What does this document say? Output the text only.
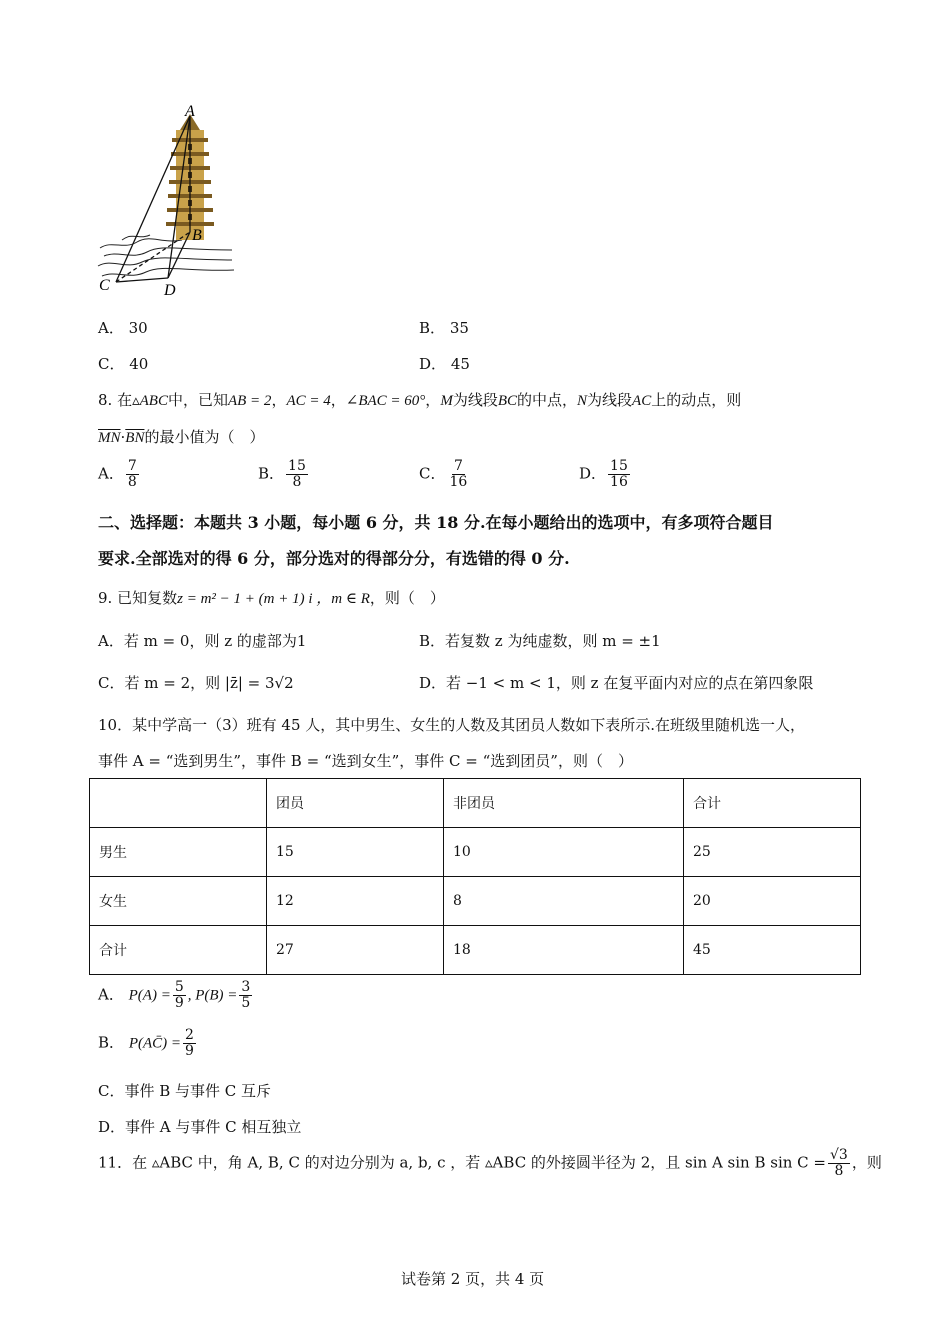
A
B
C	D
A． 30	B． 35
C． 40	D． 45
8. 在▵ABC中，已知AB = 2，AC = 4，∠BAC = 60°，M为线段BC的中点，N为线段AC上的动点，则
$\overline{MN}\cdot\overline{BN}$的最小值为（　）
A． $\frac{7}{8}$	B． $\frac{15}{8}$	C． $\frac{7}{16}$	D． $\frac{15}{16}$
二、选择题：本题共 3 小题，每小题 6 分，共 18 分.在每小题给出的选项中，有多项符合题目
要求.全部选对的得 6 分，部分选对的得部分分，有选错的得 0 分.
9. 已知复数z = m² − 1 + (m + 1) i ，m ∈ R，则（　）
A．若 m = 0，则 z 的虚部为1	B．若复数 z 为纯虚数，则 m = ±1
C．若 m = 2，则 |z̄| = 3√2	D．若 −1 < m < 1，则 z 在复平面内对应的点在第四象限
10．某中学高一（3）班有 45 人，其中男生、女生的人数及其团员人数如下表所示.在班级里随机选一人，
事件 A = “选到男生”，事件 B = “选到女生”，事件 C = “选到团员”，则（　）
	团员	非团员	合计
男生	15	10	25
女生	12	8	20
合计	27	18	45
A． $P(A) = \frac{5}{9}$ , $P(B) = \frac{3}{5}$
B． P(AC̄) = $\frac{2}{9}$
C．事件 B 与事件 C 互斥
D．事件 A 与事件 C 相互独立
11．在 ▵ABC 中，角 A, B, C 的对边分别为 a, b, c ，若 ▵ABC 的外接圆半径为 2，且 sin A sin B $\sin C = \frac{√3}{8}$ ，则
试卷第 2 页，共 4 页
